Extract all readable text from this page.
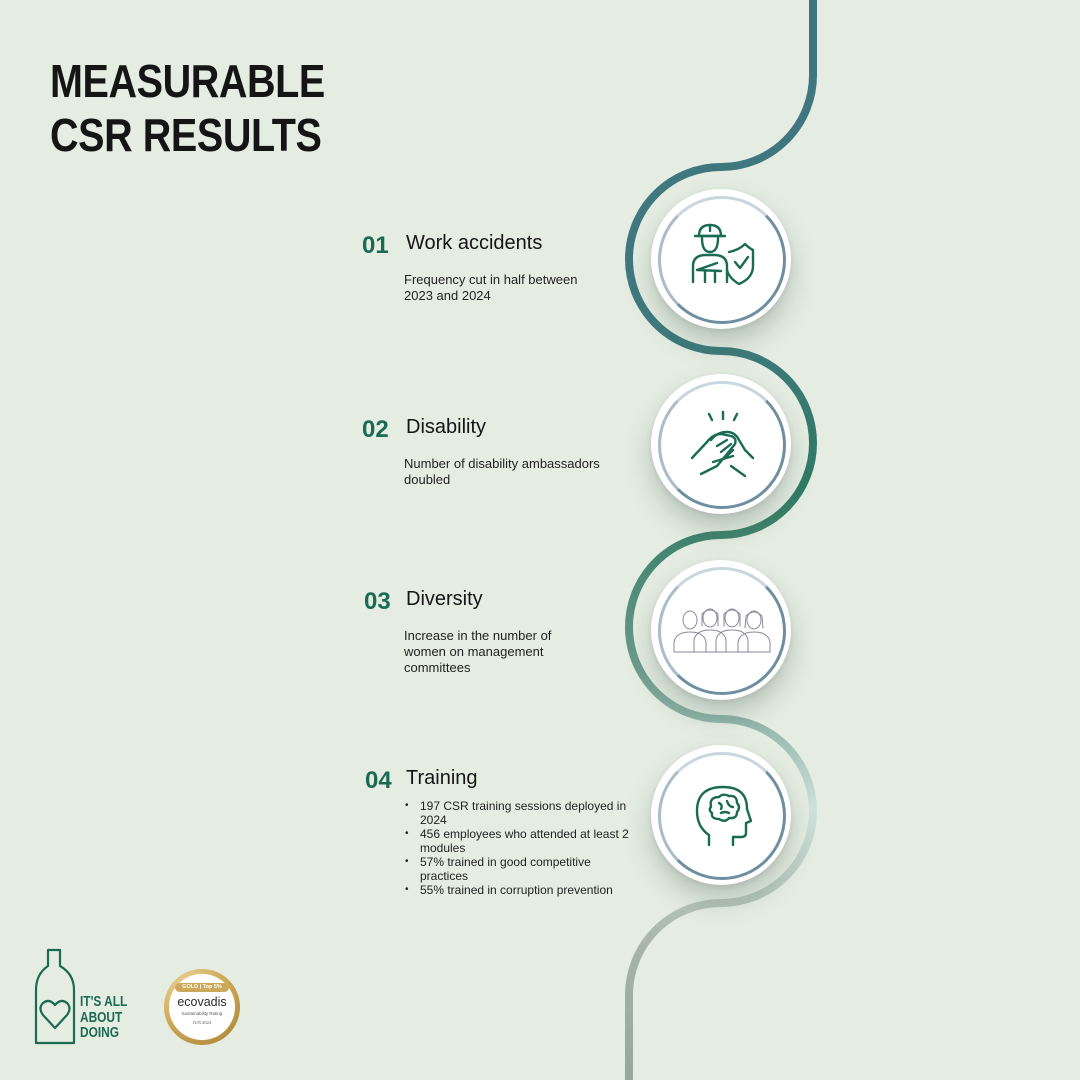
MEASURABLE
CSR RESULTS
01 Work accidents
Frequency cut in half between 2023 and 2024
02 Disability
Number of disability ambassadors doubled
03 Diversity
Increase in the number of women on management committees
04 Training
• 197 CSR training sessions deployed in 2024
• 456 employees who attended at least 2 modules
• 57% trained in good competitive practices
• 55% trained in corruption prevention

IT'S ALL
ABOUT
DOING

GOLD | Top 5%
ecovadis
Sustainability Rating
JUN 2024
